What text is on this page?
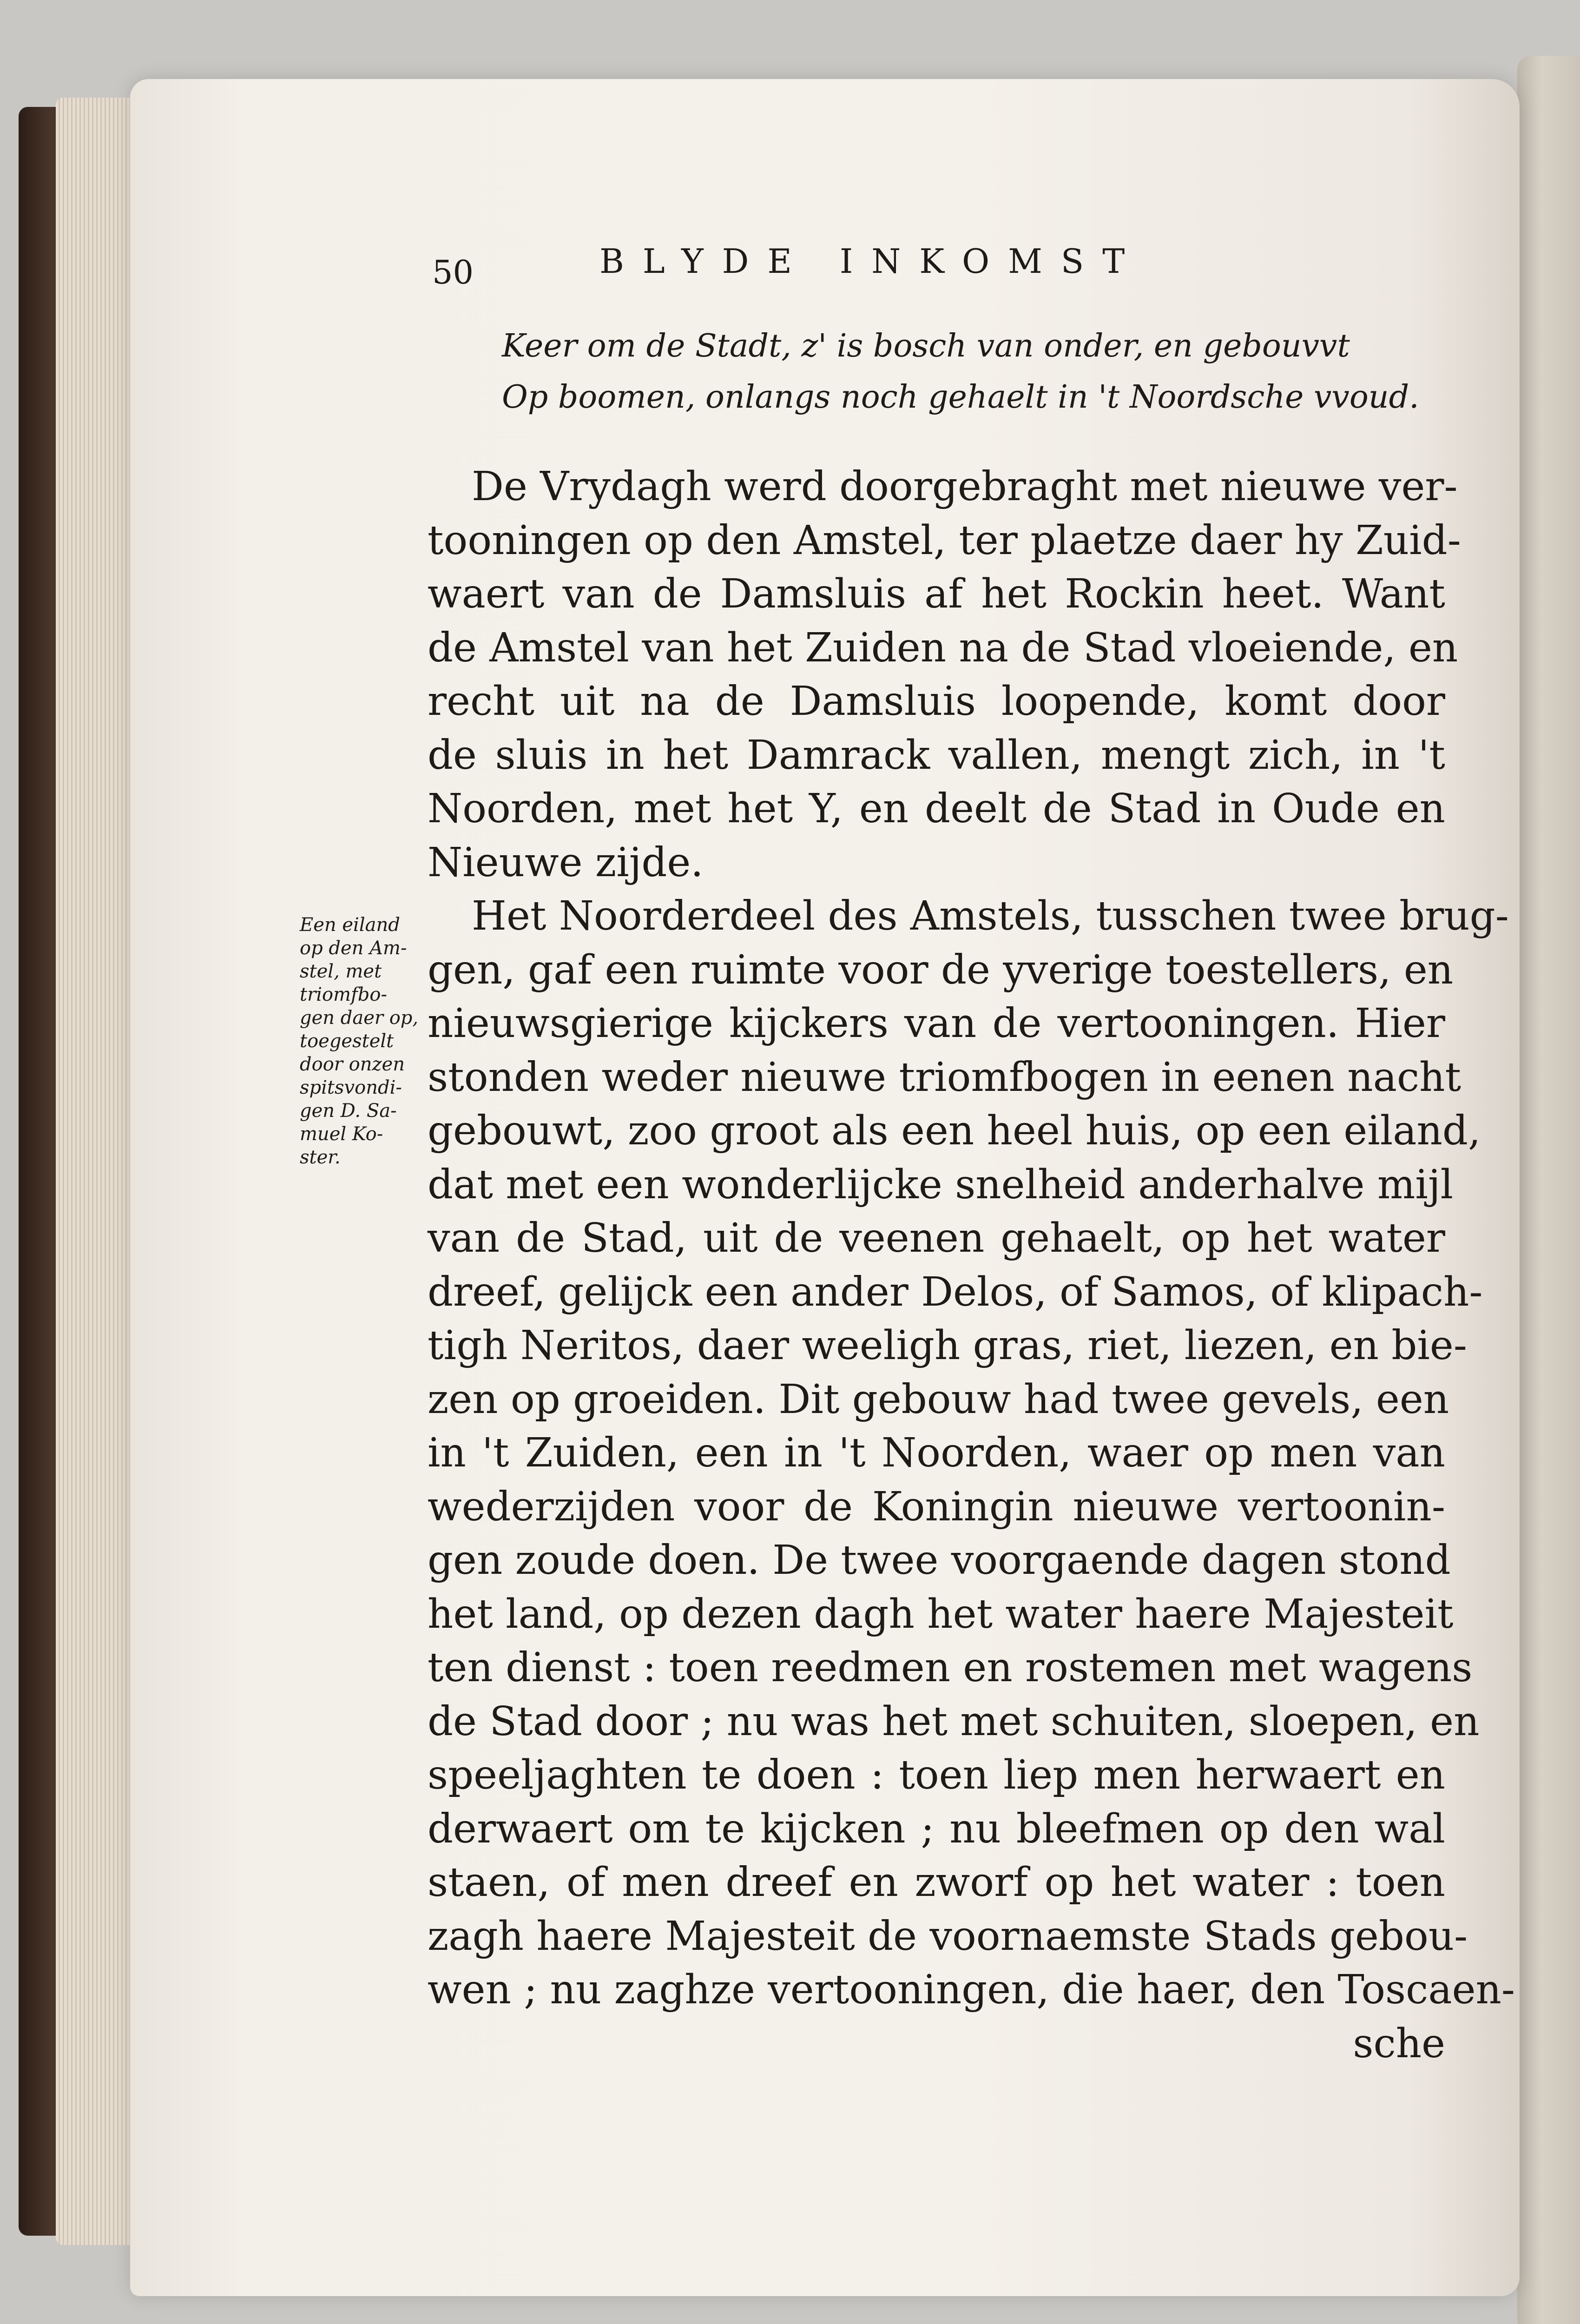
50	BLYDE INKOMST
Keer om de Stadt, z' is bosch van onder, en gebouvvt
Op boomen, onlangs noch gehaelt in 't Noordsche vvoud.
Een eiland
op den Am-
stel, met
triomfbo-
gen daer op,
toegestelt
door onzen
spitsvondi-
gen D. Sa-
muel Ko-
ster.
De Vrydagh werd doorgebraght met nieuwe ver-
tooningen op den Amstel, ter plaetze daer hy Zuid-
waert van de Damsluis af het Rockin heet. Want
de Amstel van het Zuiden na de Stad vloeiende, en
recht uit na de Damsluis loopende, komt door
de sluis in het Damrack vallen, mengt zich, in 't
Noorden, met het Y, en deelt de Stad in Oude en
Nieuwe zijde.
Het Noorderdeel des Amstels, tusschen twee brug-
gen, gaf een ruimte voor de yverige toestellers, en
nieuwsgierige kijckers van de vertooningen. Hier
stonden weder nieuwe triomfbogen in eenen nacht
gebouwt, zoo groot als een heel huis, op een eiland,
dat met een wonderlijcke snelheid anderhalve mijl
van de Stad, uit de veenen gehaelt, op het water
dreef, gelijck een ander Delos, of Samos, of klipach-
tigh Neritos, daer weeligh gras, riet, liezen, en bie-
zen op groeiden. Dit gebouw had twee gevels, een
in 't Zuiden, een in 't Noorden, waer op men van
wederzijden voor de Koningin nieuwe vertoonin-
gen zoude doen. De twee voorgaende dagen stond
het land, op dezen dagh het water haere Majesteit
ten dienst : toen reedmen en rostemen met wagens
de Stad door ; nu was het met schuiten, sloepen, en
speeljaghten te doen : toen liep men herwaert en
derwaert om te kijcken ; nu bleefmen op den wal
staen, of men dreef en zworf op het water : toen
zagh haere Majesteit de voornaemste Stads gebou-
wen ; nu zaghze vertooningen, die haer, den Toscaen-
sche
